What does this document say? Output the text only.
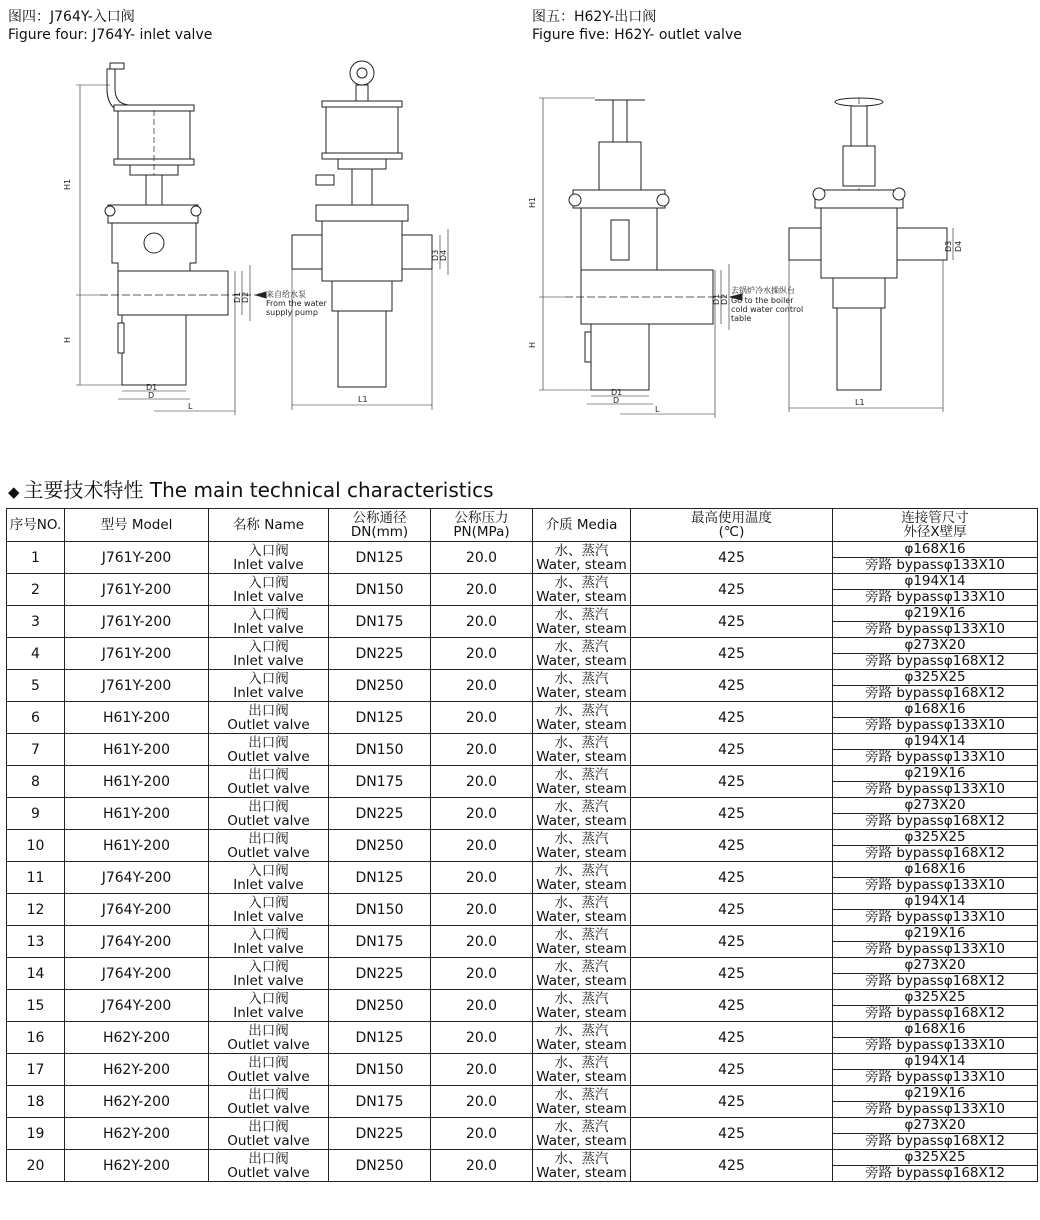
图四：J764Y-入口阀
Figure four: J764Y- inlet valve
图五：H62Y-出口阀
Figure five: H62Y- outlet valve
H1
H
D1 D2
D1
D
L
来自给水泵
From the water
supply pump
L1
D3 D4
H1
H
D1 D2
D1
D
L
去锅炉冷水操纵台
Go to the boiler
cold water control
table
L1
D3 D4
◆ 主要技术特性 The main technical characteristics
序号NO.	型号 Model	名称 Name	公称通径
DN(mm)	公称压力
PN(MPa)	介质 Media	最高使用温度
(℃)	连接管尺寸
外径X壁厚

1	J761Y-200	入口阀
Inlet valve	DN125	20.0	水、蒸汽
Water, steam	425	φ168X16
旁路 bypassφ133X10

2	J761Y-200	入口阀
Inlet valve	DN150	20.0	水、蒸汽
Water, steam	425	φ194X14
旁路 bypassφ133X10

3	J761Y-200	入口阀
Inlet valve	DN175	20.0	水、蒸汽
Water, steam	425	φ219X16
旁路 bypassφ133X10

4	J761Y-200	入口阀
Inlet valve	DN225	20.0	水、蒸汽
Water, steam	425	φ273X20
旁路 bypassφ168X12

5	J761Y-200	入口阀
Inlet valve	DN250	20.0	水、蒸汽
Water, steam	425	φ325X25
旁路 bypassφ168X12

6	H61Y-200	出口阀
Outlet valve	DN125	20.0	水、蒸汽
Water, steam	425	φ168X16
旁路 bypassφ133X10

7	H61Y-200	出口阀
Outlet valve	DN150	20.0	水、蒸汽
Water, steam	425	φ194X14
旁路 bypassφ133X10

8	H61Y-200	出口阀
Outlet valve	DN175	20.0	水、蒸汽
Water, steam	425	φ219X16
旁路 bypassφ133X10

9	H61Y-200	出口阀
Outlet valve	DN225	20.0	水、蒸汽
Water, steam	425	φ273X20
旁路 bypassφ168X12

10	H61Y-200	出口阀
Outlet valve	DN250	20.0	水、蒸汽
Water, steam	425	φ325X25
旁路 bypassφ168X12

11	J764Y-200	入口阀
Inlet valve	DN125	20.0	水、蒸汽
Water, steam	425	φ168X16
旁路 bypassφ133X10

12	J764Y-200	入口阀
Inlet valve	DN150	20.0	水、蒸汽
Water, steam	425	φ194X14
旁路 bypassφ133X10

13	J764Y-200	入口阀
Inlet valve	DN175	20.0	水、蒸汽
Water, steam	425	φ219X16
旁路 bypassφ133X10

14	J764Y-200	入口阀
Inlet valve	DN225	20.0	水、蒸汽
Water, steam	425	φ273X20
旁路 bypassφ168X12

15	J764Y-200	入口阀
Inlet valve	DN250	20.0	水、蒸汽
Water, steam	425	φ325X25
旁路 bypassφ168X12

16	H62Y-200	出口阀
Outlet valve	DN125	20.0	水、蒸汽
Water, steam	425	φ168X16
旁路 bypassφ133X10

17	H62Y-200	出口阀
Outlet valve	DN150	20.0	水、蒸汽
Water, steam	425	φ194X14
旁路 bypassφ133X10

18	H62Y-200	出口阀
Outlet valve	DN175	20.0	水、蒸汽
Water, steam	425	φ219X16
旁路 bypassφ133X10

19	H62Y-200	出口阀
Outlet valve	DN225	20.0	水、蒸汽
Water, steam	425	φ273X20
旁路 bypassφ168X12

20	H62Y-200	出口阀
Outlet valve	DN250	20.0	水、蒸汽
Water, steam	425	φ325X25
旁路 bypassφ168X12
